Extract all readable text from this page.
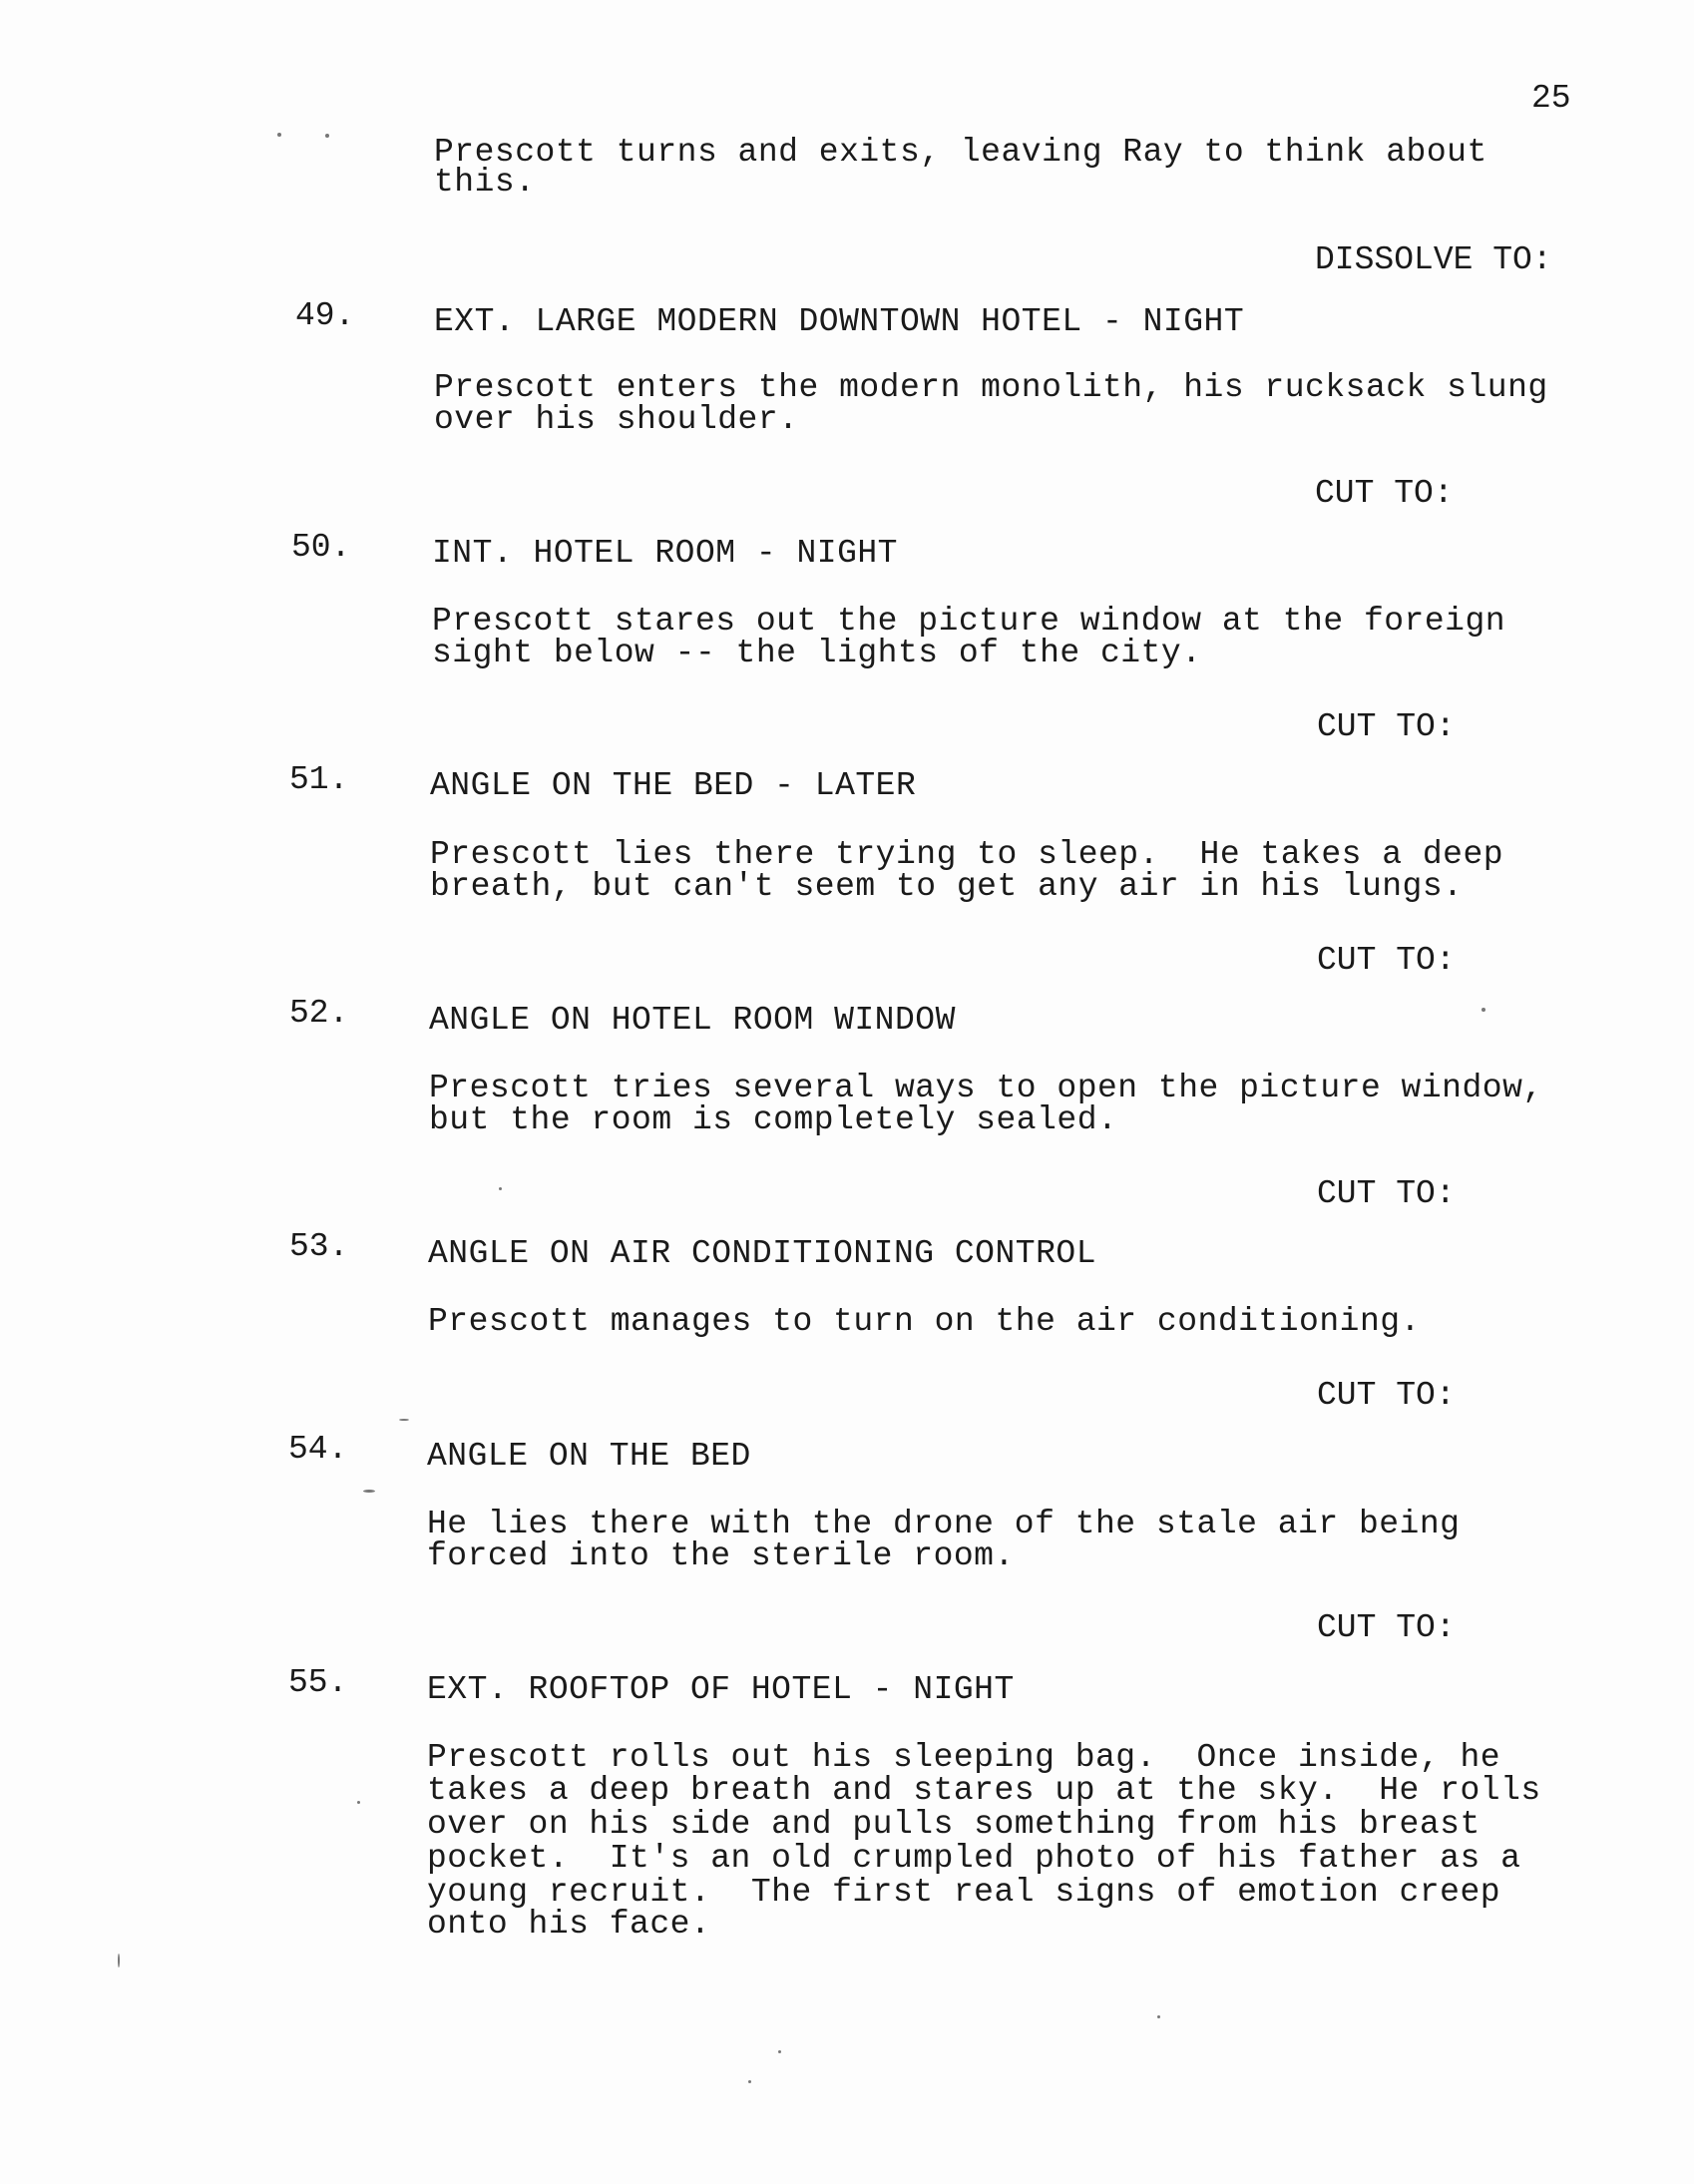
25
Prescott turns and exits, leaving Ray to think about
this.
DISSOLVE TO:
49. EXT. LARGE MODERN DOWNTOWN HOTEL - NIGHT
Prescott enters the modern monolith, his rucksack slung
over his shoulder.
CUT TO:
50. INT. HOTEL ROOM - NIGHT
Prescott stares out the picture window at the foreign
sight below -- the lights of the city.
CUT TO:
51. ANGLE ON THE BED - LATER
Prescott lies there trying to sleep.  He takes a deep
breath, but can't seem to get any air in his lungs.
CUT TO:
52. ANGLE ON HOTEL ROOM WINDOW
Prescott tries several ways to open the picture window,
but the room is completely sealed.
CUT TO:
53. ANGLE ON AIR CONDITIONING CONTROL
Prescott manages to turn on the air conditioning.
CUT TO:
54. ANGLE ON THE BED
He lies there with the drone of the stale air being
forced into the sterile room.
CUT TO:
55. EXT. ROOFTOP OF HOTEL - NIGHT
Prescott rolls out his sleeping bag.  Once inside, he
takes a deep breath and stares up at the sky.  He rolls
over on his side and pulls something from his breast
pocket.  It's an old crumpled photo of his father as a
young recruit.  The first real signs of emotion creep
onto his face.
